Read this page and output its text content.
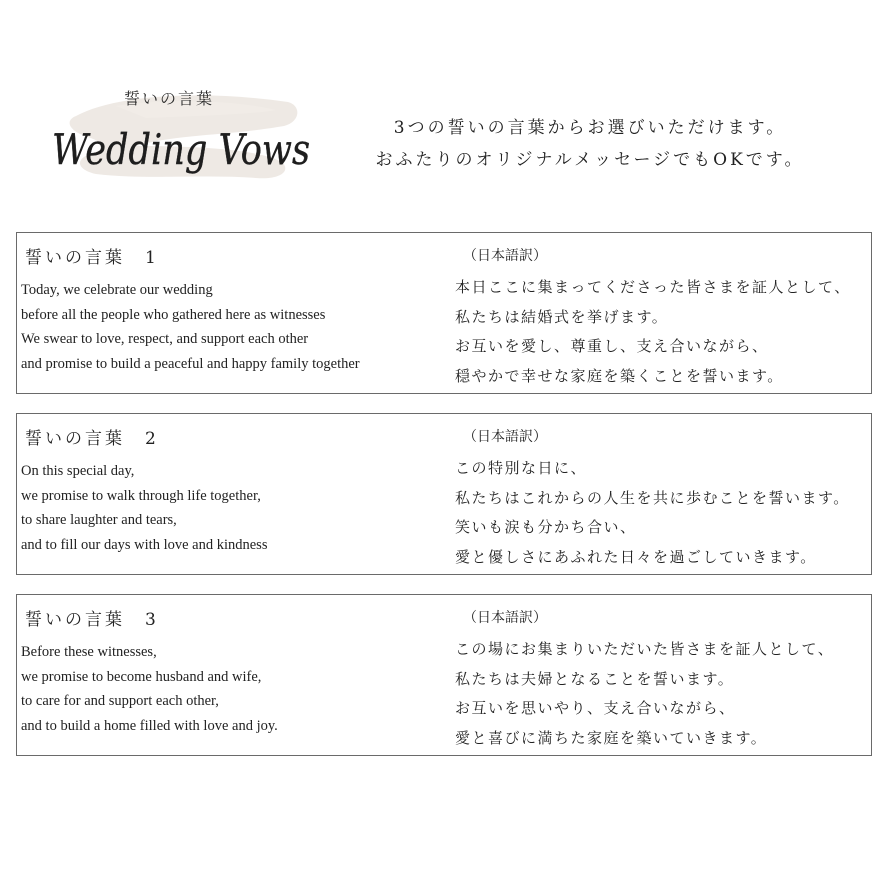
誓いの言葉
Wedding Vows	3つの誓いの言葉からお選びいただけます。
おふたりのオリジナルメッセージでもOKです。
誓いの言葉　1
Today, we celebrate our wedding
before all the people who gathered here as witnesses
We swear to love, respect, and support each other
and promise to build a peaceful and happy family together
（日本語訳）
本日ここに集まってくださった皆さまを証人として、
私たちは結婚式を挙げます。
お互いを愛し、尊重し、支え合いながら、
穏やかで幸せな家庭を築くことを誓います。
誓いの言葉　2
On this special day,
we promise to walk through life together,
to share laughter and tears,
and to fill our days with love and kindness
（日本語訳）
この特別な日に、
私たちはこれからの人生を共に歩むことを誓います。
笑いも涙も分かち合い、
愛と優しさにあふれた日々を過ごしていきます。
誓いの言葉　3
Before these witnesses,
we promise to become husband and wife,
to care for and support each other,
and to build a home filled with love and joy.
（日本語訳）
この場にお集まりいただいた皆さまを証人として、
私たちは夫婦となることを誓います。
お互いを思いやり、支え合いながら、
愛と喜びに満ちた家庭を築いていきます。
